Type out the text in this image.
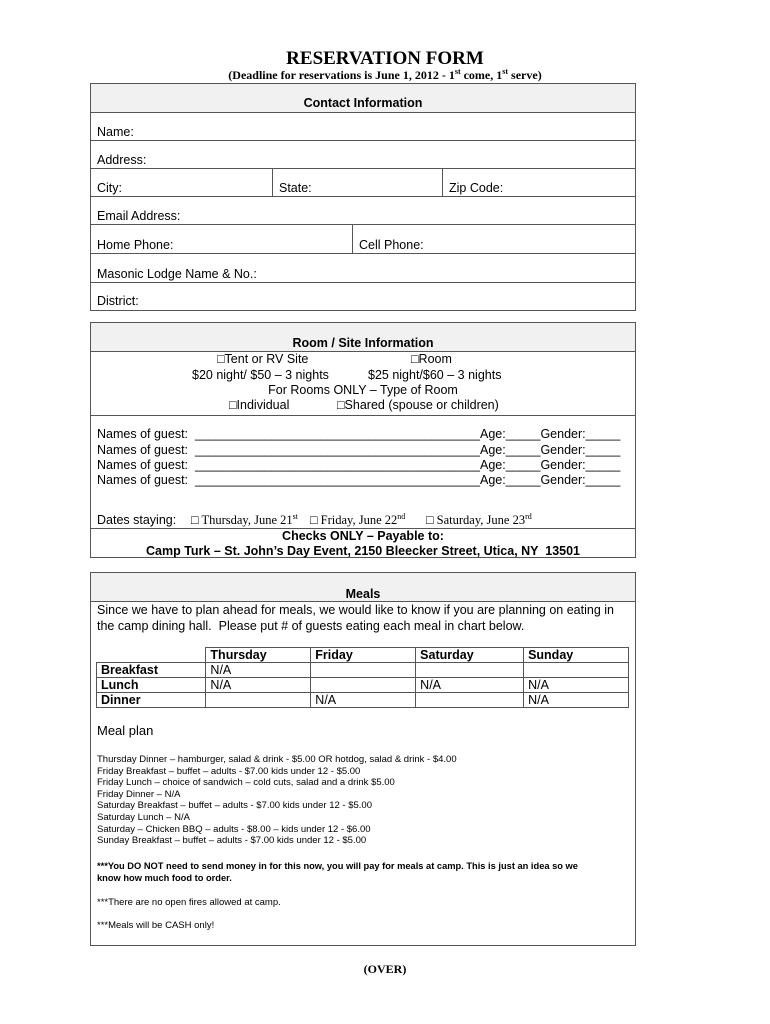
RESERVATION FORM
(Deadline for reservations is June 1, 2012 - 1st come, 1st serve)
Contact Information
Name:
Address:
City:	State:	Zip Code:
Email Address:
Home Phone:	Cell Phone:
Masonic Lodge Name & No.:
District:
Room / Site Information
□Tent or RV Site	□Room
$20 night/ $50 – 3 nights	$25 night/$60 – 3 nights
For Rooms ONLY – Type of Room
□Individual	□Shared (spouse or children)
Names of guest:  _________________________________________Age:_____Gender:_____
Names of guest:  _________________________________________Age:_____Gender:_____
Names of guest:  _________________________________________Age:_____Gender:_____
Names of guest:  _________________________________________Age:_____Gender:_____
Dates staying: □ Thursday, June 21st □ Friday, June 22nd □ Saturday, June 23rd
Checks ONLY – Payable to:
Camp Turk – St. John’s Day Event, 2150 Bleecker Street, Utica, NY  13501
Meals
Since we have to plan ahead for meals, we would like to know if you are planning on eating in
the camp dining hall.  Please put # of guests eating each meal in chart below.
	Thursday	Friday	Saturday	Sunday
Breakfast	N/A			
Lunch	N/A		N/A	N/A
Dinner		N/A		N/A
Meal plan
Thursday Dinner – hamburger, salad & drink - $5.00 OR hotdog, salad & drink - $4.00
Friday Breakfast – buffet – adults - $7.00 kids under 12 - $5.00
Friday Lunch – choice of sandwich – cold cuts, salad and a drink $5.00
Friday Dinner – N/A
Saturday Breakfast – buffet – adults - $7.00 kids under 12 - $5.00
Saturday Lunch – N/A
Saturday – Chicken BBQ – adults - $8.00 – kids under 12 - $6.00
Sunday Breakfast – buffet – adults - $7.00 kids under 12 - $5.00
***You DO NOT need to send money in for this now, you will pay for meals at camp. This is just an idea so we
know how much food to order.
***There are no open fires allowed at camp.
***Meals will be CASH only!
(OVER)
